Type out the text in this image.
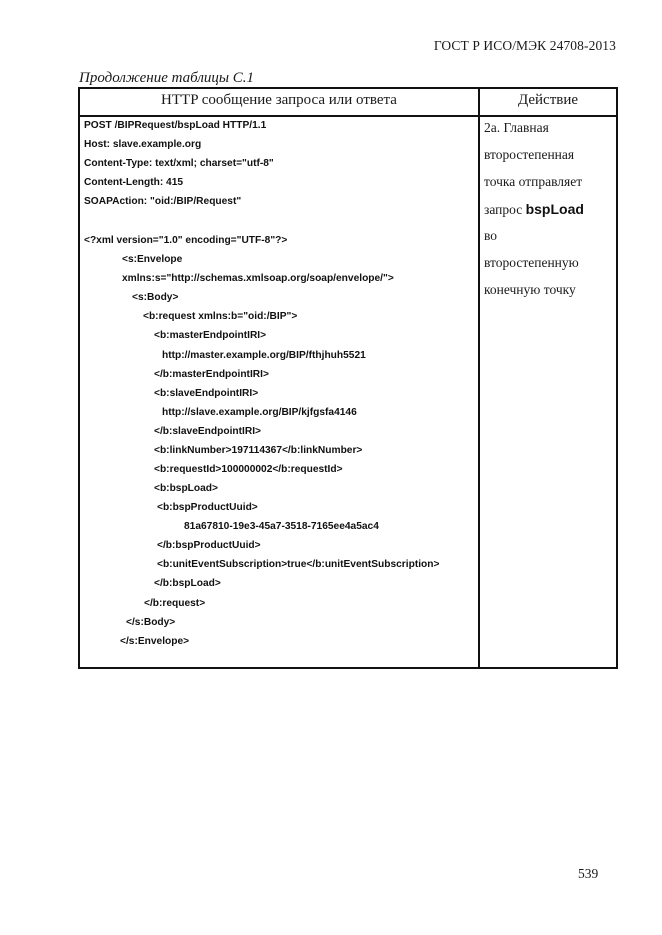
ГОСТ Р ИСО/МЭК 24708-2013
Продолжение таблицы С.1
HTTP сообщение запроса или ответа	Действие
POST /BIPRequest/bspLoad HTTP/1.1
Host: slave.example.org
Content-Type: text/xml; charset="utf-8"
Content-Length: 415
SOAPAction: "oid:/BIP/Request"
<?xml version="1.0" encoding="UTF-8"?>
<s:Envelope
xmlns:s="http://schemas.xmlsoap.org/soap/envelope/">
<s:Body>
<b:request xmlns:b="oid:/BIP">
<b:masterEndpointIRI>
http://master.example.org/BIP/fthjhuh5521
</b:masterEndpointIRI>
<b:slaveEndpointIRI>
http://slave.example.org/BIP/kjfgsfa4146
</b:slaveEndpointIRI>
<b:linkNumber>197114367</b:linkNumber>
<b:requestId>100000002</b:requestId>
<b:bspLoad>
<b:bspProductUuid>
81a67810-19e3-45a7-3518-7165ee4a5ac4
</b:bspProductUuid>
<b:unitEventSubscription>true</b:unitEventSubscription>
</b:bspLoad>
</b:request>
</s:Body>
</s:Envelope>
2a. Главная
второстепенная
точка отправляет
запрос bspLoad
во
второстепенную
конечную точку
539
